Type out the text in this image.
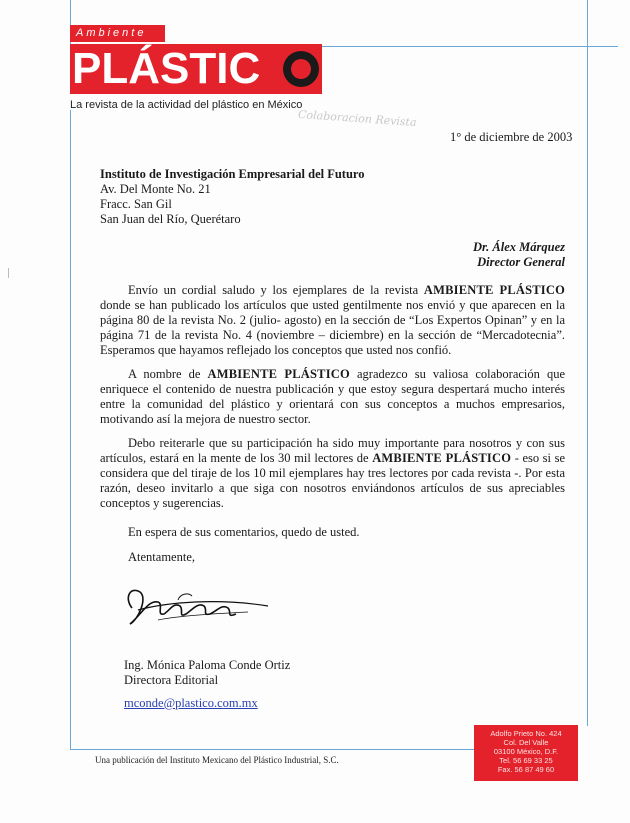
Ambiente
PLÁSTIC
La revista de la actividad del plástico en México
Colaboracion Revista
1° de diciembre de 2003
Instituto de Investigación Empresarial del Futuro
Av. Del Monte No. 21
Fracc. San Gil
San Juan del Río, Querétaro
Dr. Álex Márquez
Director General
Envío un cordial saludo y los ejemplares de la revista AMBIENTE PLÁSTICO donde se han publicado los artículos que usted gentilmente nos envió y que aparecen en la página 80 de la revista No. 2 (julio- agosto) en la sección de “Los Expertos Opinan” y en la página 71 de la revista No. 4 (noviembre – diciembre) en la sección de “Mercadotecnia”. Esperamos que hayamos reflejado los conceptos que usted nos confió.
A nombre de AMBIENTE PLÁSTICO agradezco su valiosa colaboración que enriquece el contenido de nuestra publicación y que estoy segura despertará mucho interés entre la comunidad del plástico y orientará con sus conceptos a muchos empresarios, motivando así la mejora de nuestro sector.
Debo reiterarle que su participación ha sido muy importante para nosotros y con sus artículos, estará en la mente de los 30 mil lectores de AMBIENTE PLÁSTICO - eso si se considera que del tiraje de los 10 mil ejemplares hay tres lectores por cada revista -. Por esta razón, deseo invitarlo a que siga con nosotros enviándonos artículos de sus apreciables conceptos y sugerencias.
En espera de sus comentarios, quedo de usted.
Atentamente,
Ing. Mónica Paloma Conde Ortiz
Directora Editorial
mconde@plastico.com.mx
Una publicación del Instituto Mexicano del Plástico Industrial, S.C.
Adolfo Prieto No. 424
Col. Del Valle
03100 México, D.F.
Tel. 56 69 33 25
Fax. 56 87 49 60
